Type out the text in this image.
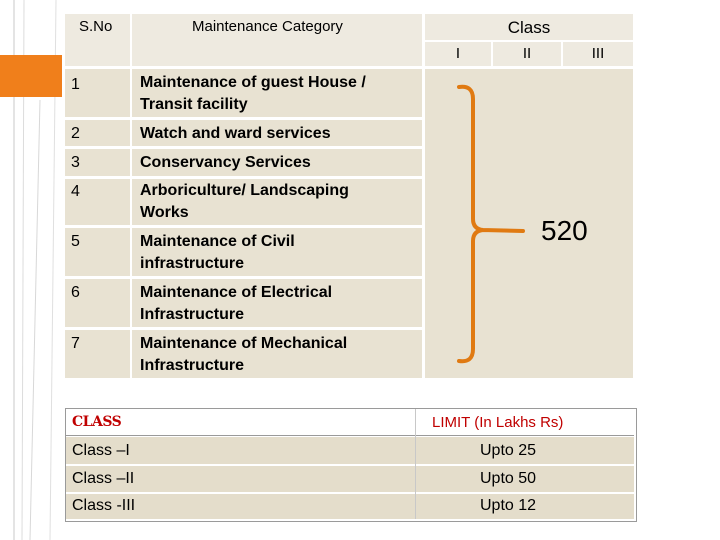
S.No	Maintenance Category	Class
I	II	III
1	Maintenance of guest House / Transit facility
2	Watch and ward services
3	Conservancy Services
4	Arboriculture/ Landscaping Works
5	Maintenance of Civil infrastructure
6	Maintenance of Electrical Infrastructure
7	Maintenance of Mechanical Infrastructure
520
CLASS	LIMIT (In Lakhs Rs)
Class –I	Upto 25
Class –II	Upto 50
Class -III	Upto 12
